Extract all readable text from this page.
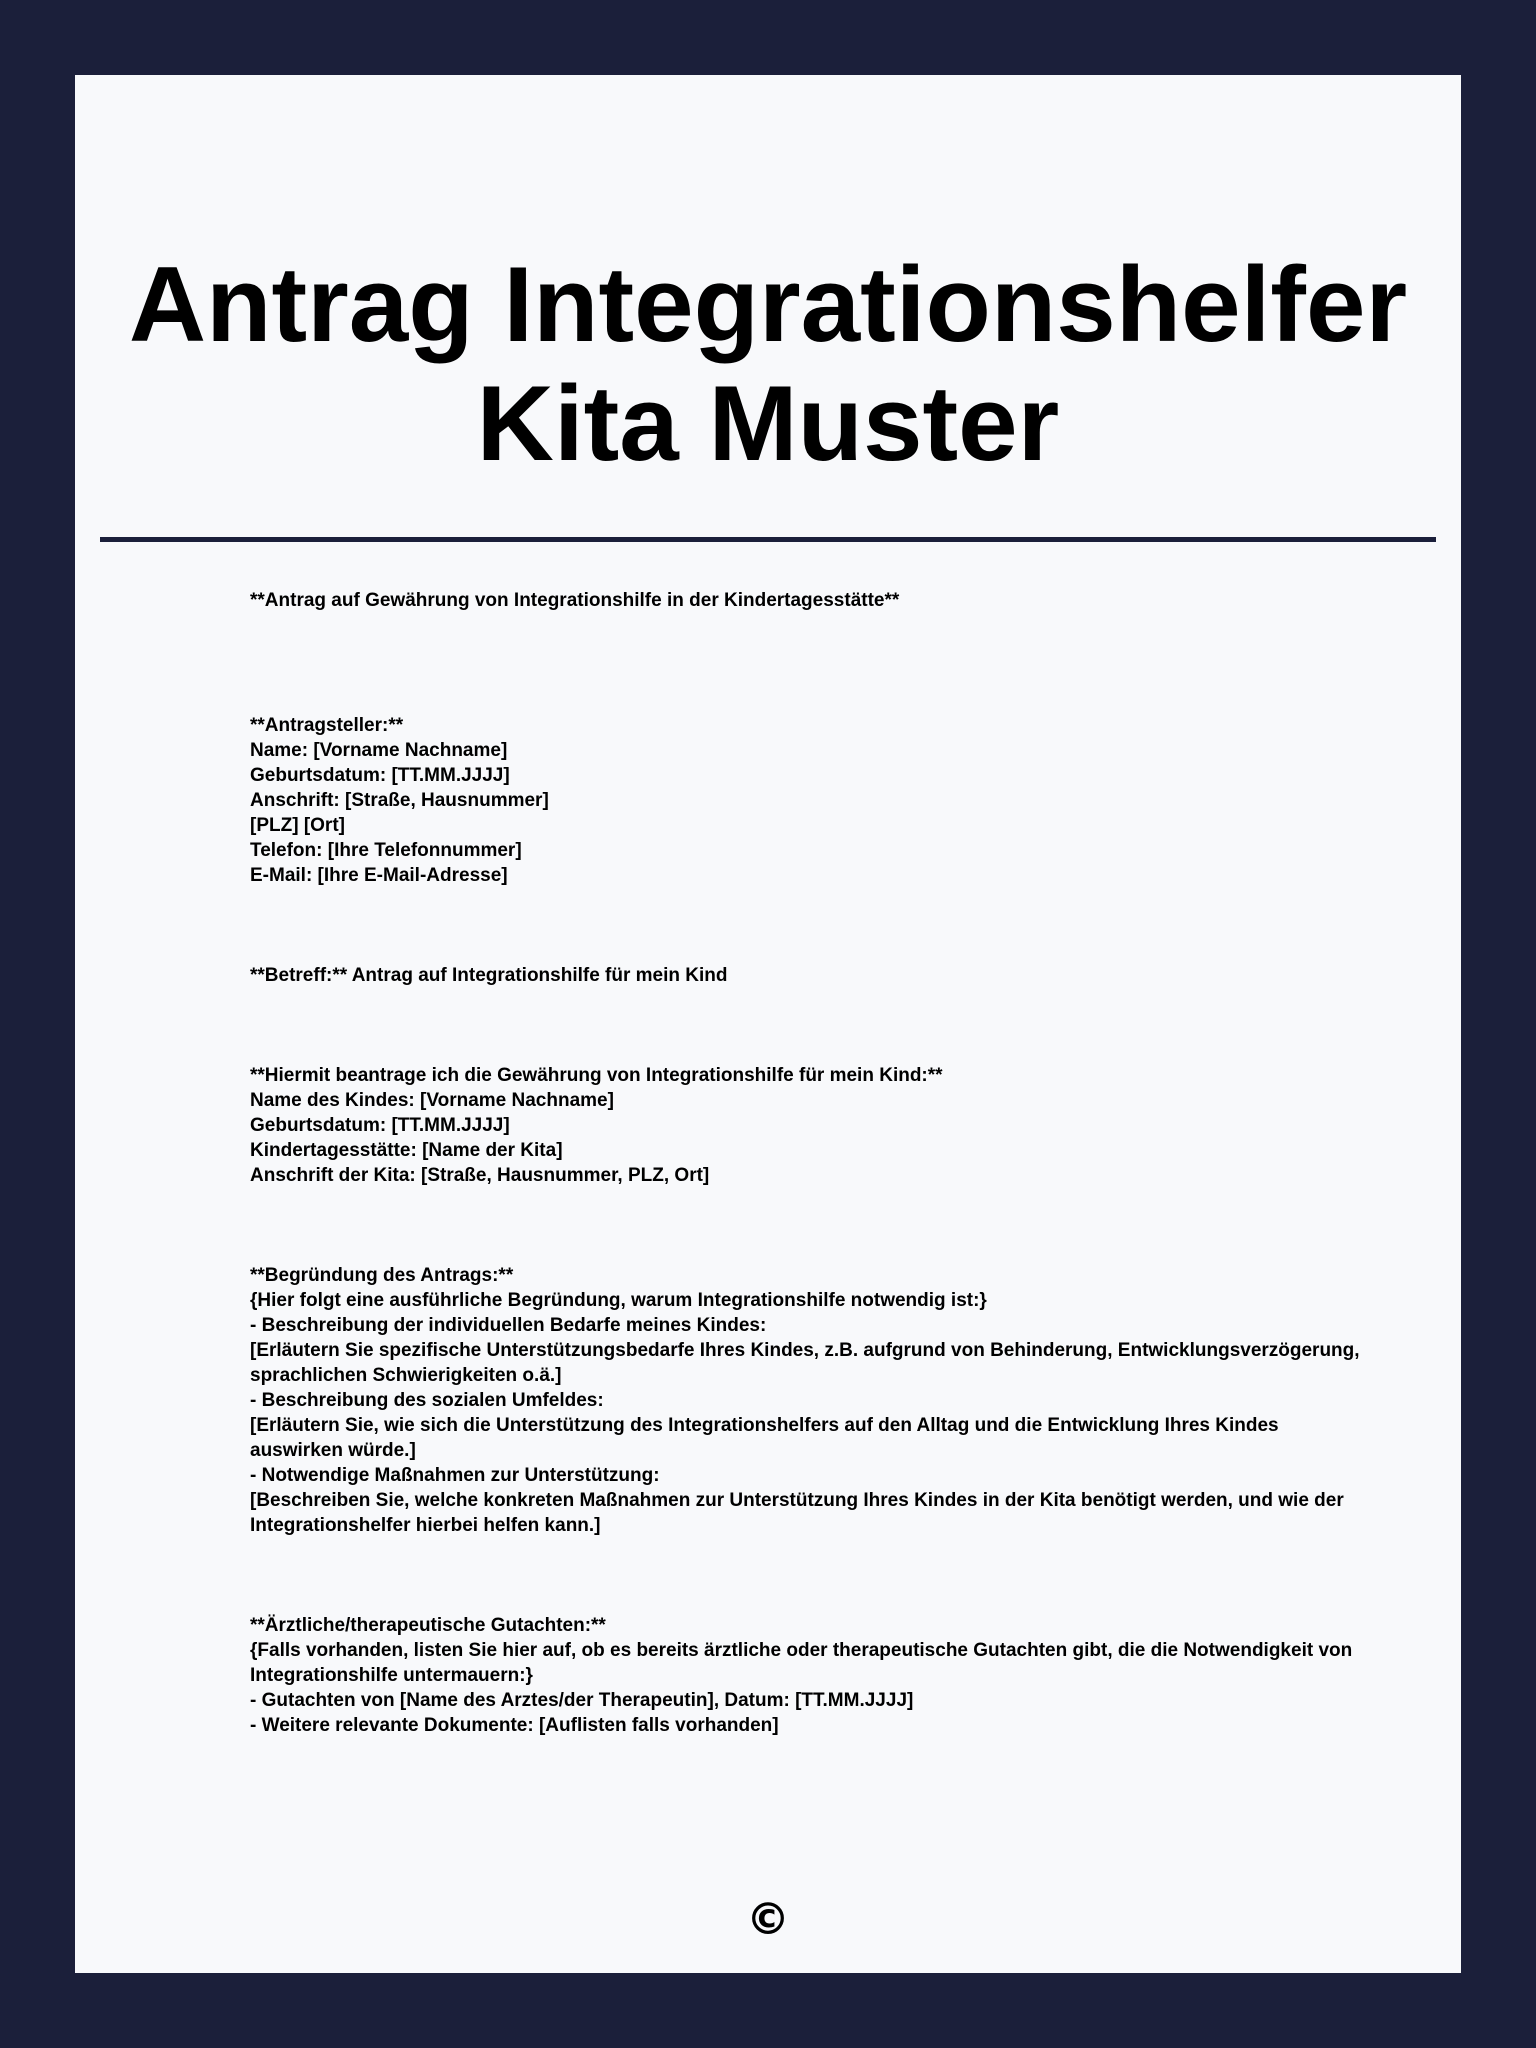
Antrag Integrationshelfer Kita Muster

**Antrag auf Gewährung von Integrationshilfe in der Kindertagesstätte**

**Antragsteller:**
Name: [Vorname Nachname]
Geburtsdatum: [TT.MM.JJJJ]
Anschrift: [Straße, Hausnummer]
[PLZ] [Ort]
Telefon: [Ihre Telefonnummer]
E-Mail: [Ihre E-Mail-Adresse]

**Betreff:** Antrag auf Integrationshilfe für mein Kind

**Hiermit beantrage ich die Gewährung von Integrationshilfe für mein Kind:**
Name des Kindes: [Vorname Nachname]
Geburtsdatum: [TT.MM.JJJJ]
Kindertagesstätte: [Name der Kita]
Anschrift der Kita: [Straße, Hausnummer, PLZ, Ort]

**Begründung des Antrags:**
{Hier folgt eine ausführliche Begründung, warum Integrationshilfe notwendig ist:}
- Beschreibung der individuellen Bedarfe meines Kindes:
[Erläutern Sie spezifische Unterstützungsbedarfe Ihres Kindes, z.B. aufgrund von Behinderung, Entwicklungsverzögerung, sprachlichen Schwierigkeiten o.ä.]
- Beschreibung des sozialen Umfeldes:
[Erläutern Sie, wie sich die Unterstützung des Integrationshelfers auf den Alltag und die Entwicklung Ihres Kindes auswirken würde.]
- Notwendige Maßnahmen zur Unterstützung:
[Beschreiben Sie, welche konkreten Maßnahmen zur Unterstützung Ihres Kindes in der Kita benötigt werden, und wie der Integrationshelfer hierbei helfen kann.]

**Ärztliche/therapeutische Gutachten:**
{Falls vorhanden, listen Sie hier auf, ob es bereits ärztliche oder therapeutische Gutachten gibt, die die Notwendigkeit von Integrationshilfe untermauern:}
- Gutachten von [Name des Arztes/der Therapeutin], Datum: [TT.MM.JJJJ]
- Weitere relevante Dokumente: [Auflisten falls vorhanden]

©
